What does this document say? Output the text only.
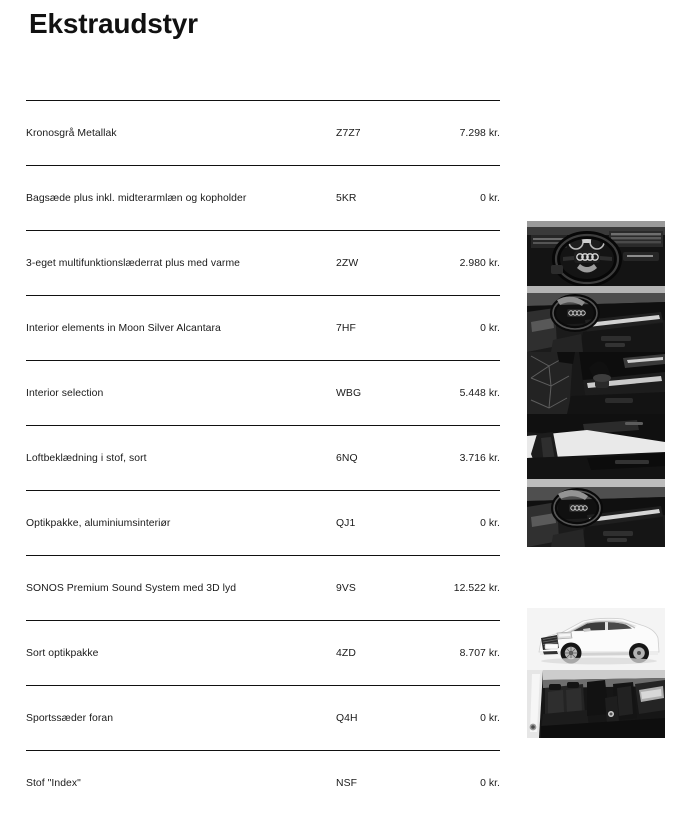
Ekstraudstyr
Kronosgrå Metallak	Z7Z7	7.298 kr.
Bagsæde plus inkl. midterarmlæn og kopholder	5KR	0 kr.
3-eget multifunktionslæderrat plus med varme	2ZW	2.980 kr.
Interior elements in Moon Silver Alcantara	7HF	0 kr.
Interior selection	WBG	5.448 kr.
Loftbeklædning i stof, sort	6NQ	3.716 kr.
Optikpakke, aluminiumsinteriør	QJ1	0 kr.
SONOS Premium Sound System med 3D lyd	9VS	12.522 kr.
Sort optikpakke	4ZD	8.707 kr.
Sportssæder foran	Q4H	0 kr.
Stof "Index"	NSF	0 kr.
